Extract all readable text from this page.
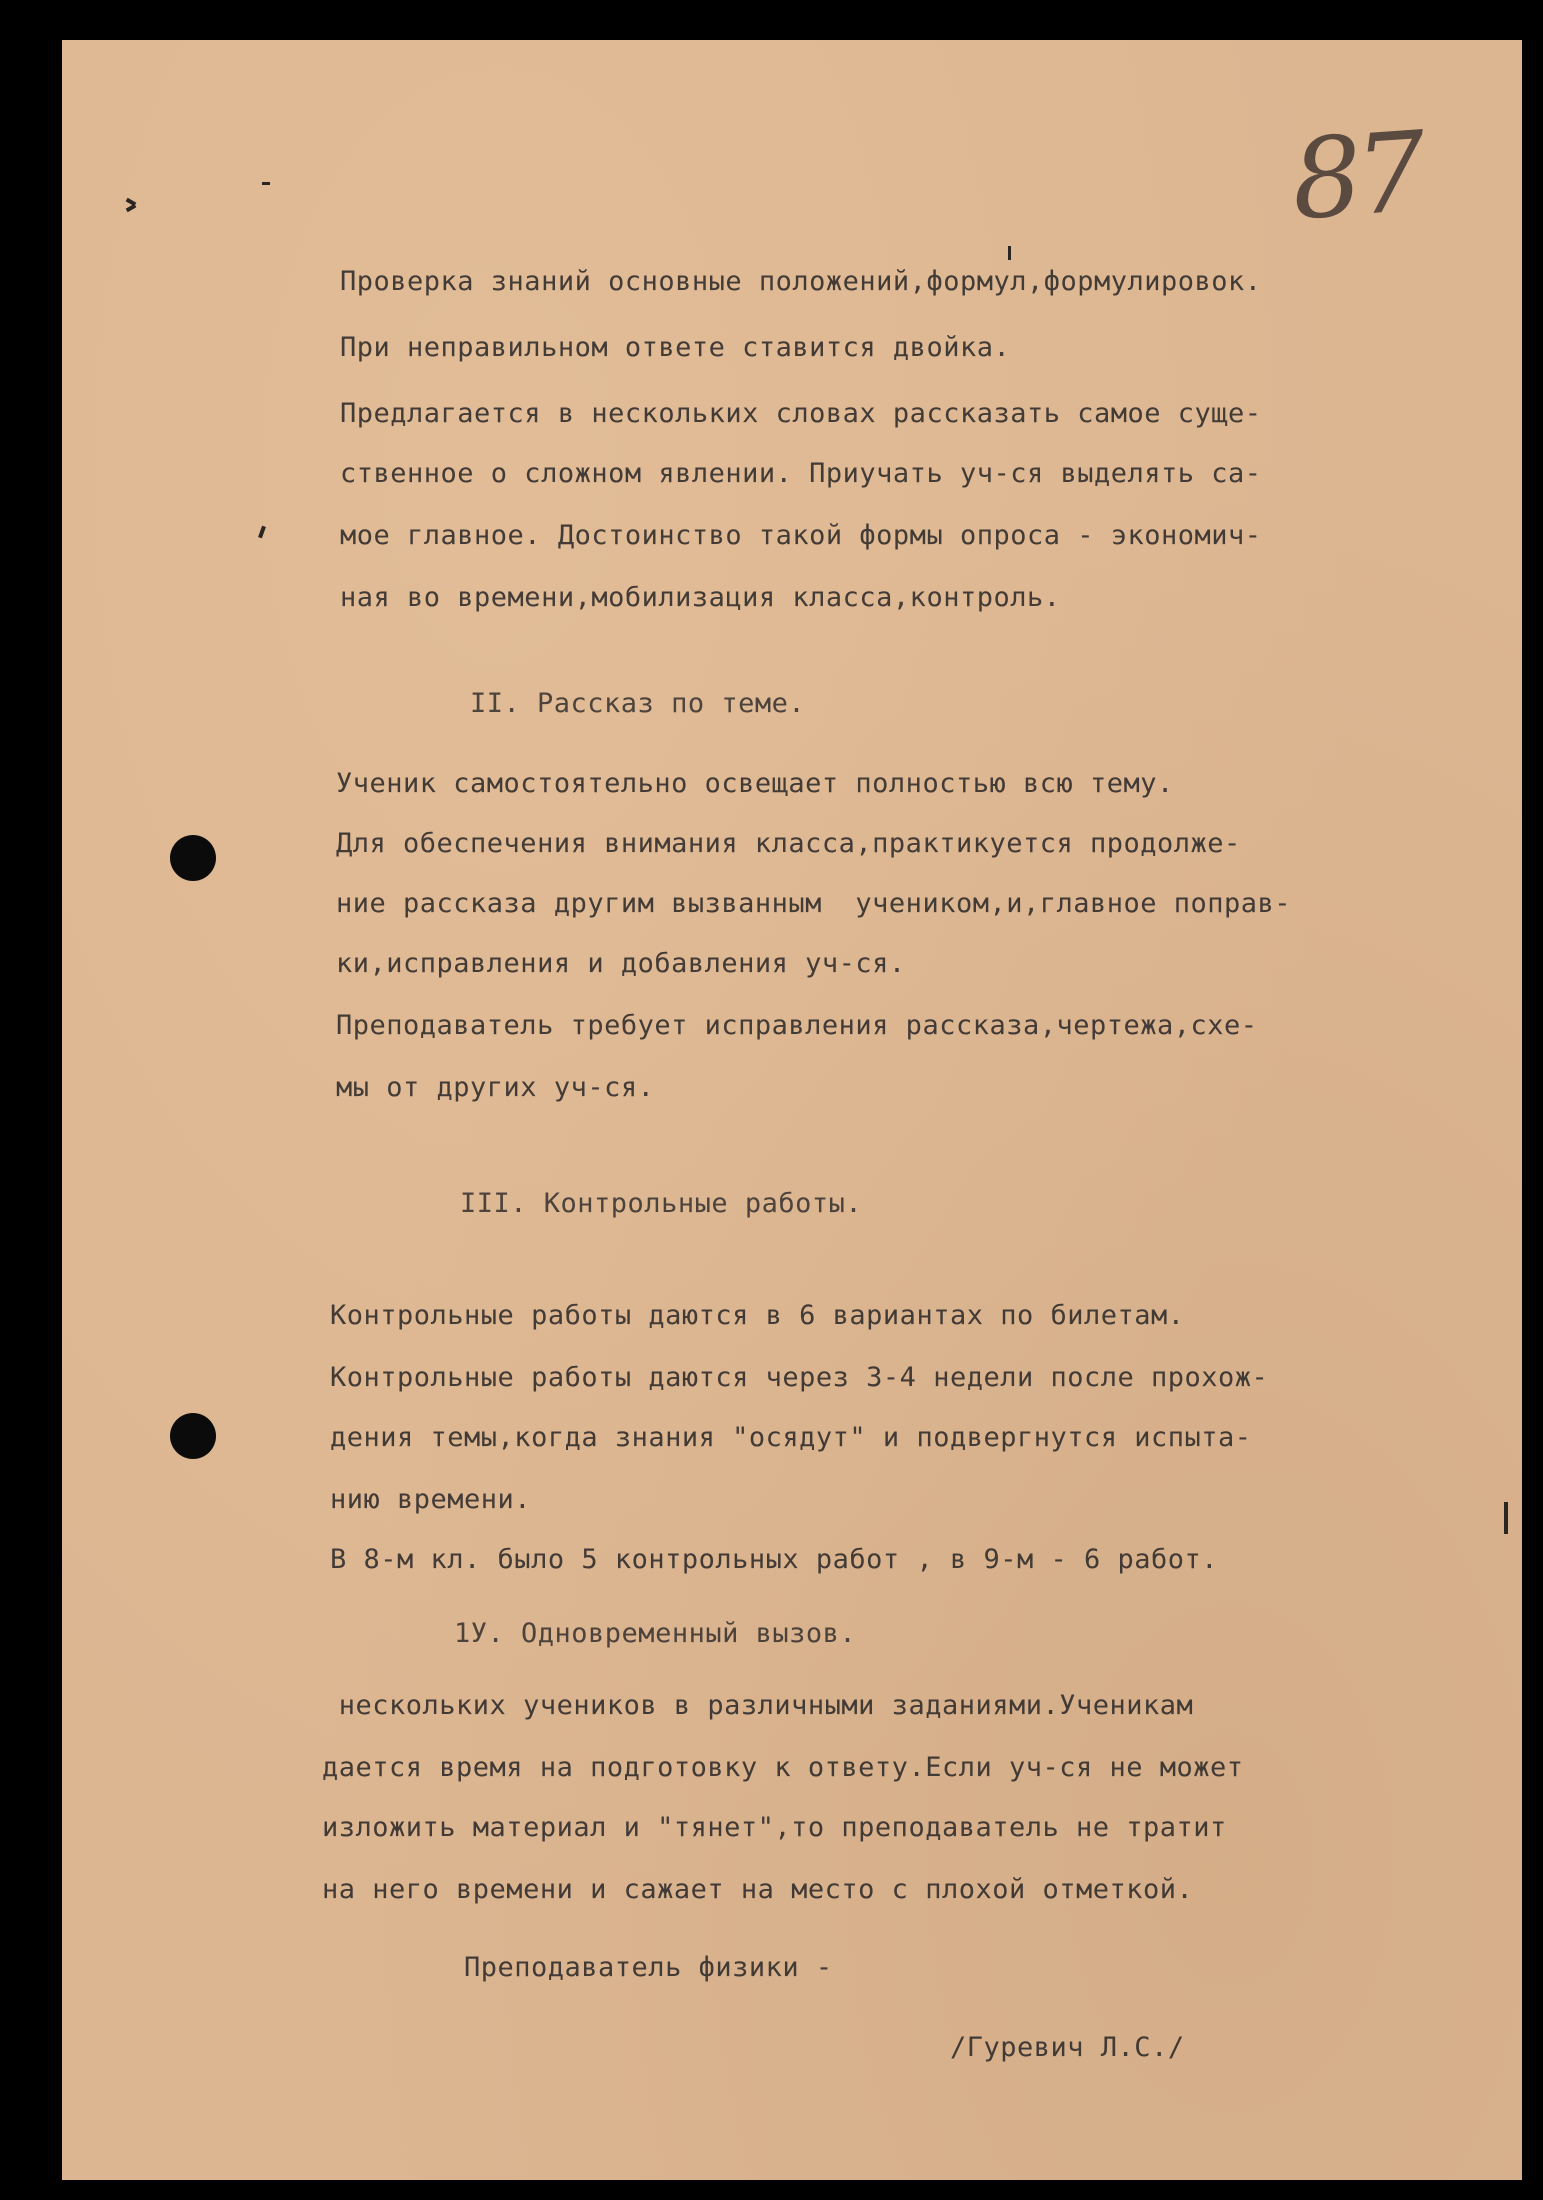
87

Проверка знаний основные положений,формул,формулировок.

При неправильном ответе ставится двойка.

Предлагается в нескольких словах рассказать самое суще-

ственное о сложном явлении. Приучать уч-ся выделять са-

мое главное. Достоинство такой формы опроса - экономич-

ная во времени,мобилизация класса,контроль.

II. Рассказ по теме.

Ученик самостоятельно освещает полностью всю тему.

Для обеспечения внимания класса,практикуется продолже-

ние рассказа другим вызванным  учеником,и,главное поправ-

ки,исправления и добавления уч-ся.

Преподаватель требует исправления рассказа,чертежа,схе-

мы от других уч-ся.

III. Контрольные работы.

Контрольные работы даются в 6 вариантах по билетам.

Контрольные работы даются через 3-4 недели после прохож-

дения темы,когда знания "осядут" и подвергнутся испыта-

нию времени.

В 8-м кл. было 5 контрольных работ , в 9-м - 6 работ.

1У. Одновременный вызов.

нескольких учеников в различными заданиями.Ученикам

дается время на подготовку к ответу.Если уч-ся не может

изложить материал и "тянет",то преподаватель не тратит

на него времени и сажает на место с плохой отметкой.

Преподаватель физики -

/Гуревич Л.С./
